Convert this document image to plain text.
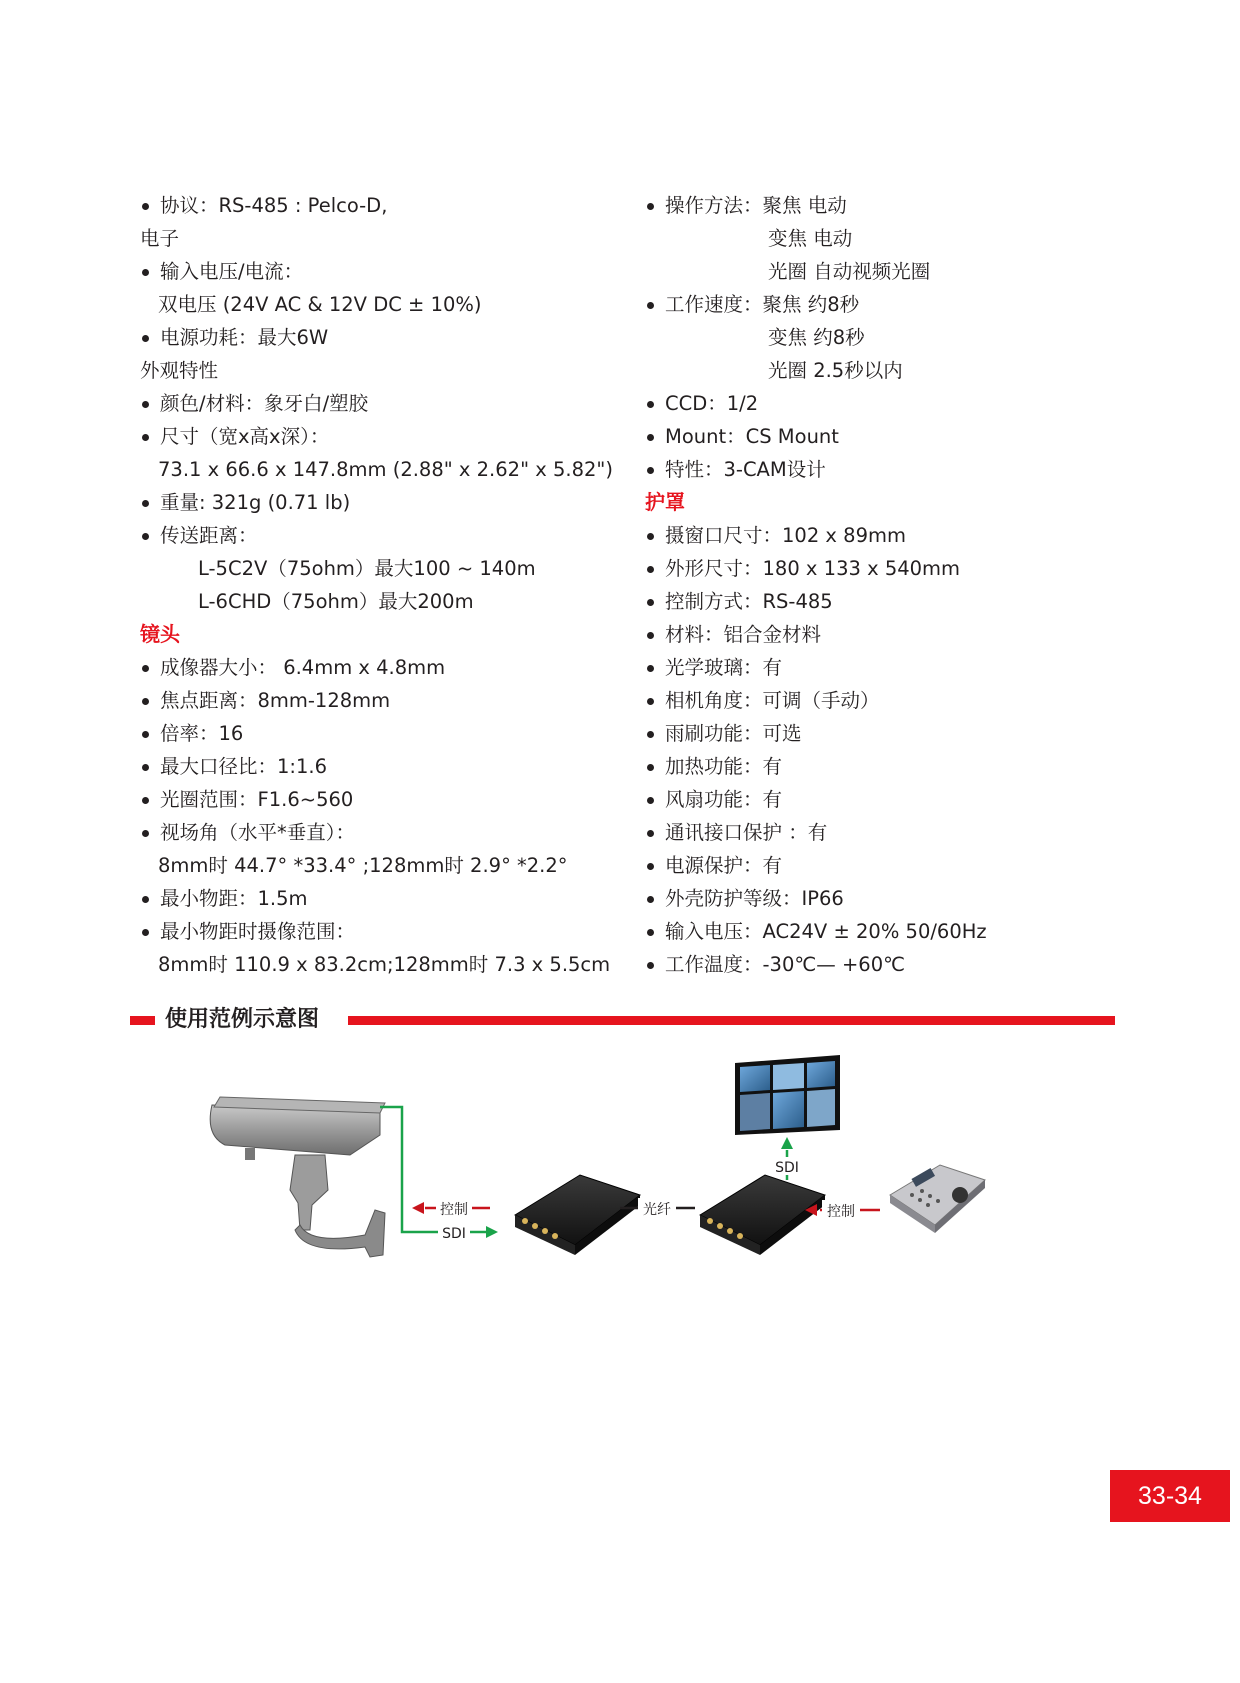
协议：RS-485 : Pelco-D,
电子
输入电压/电流：
双电压 (24V AC & 12V DC ± 10%)
电源功耗：最大6W
外观特性
颜色/材料：象牙白/塑胶
尺寸（宽x高x深）：
73.1 x 66.6 x 147.8mm (2.88" x 2.62" x 5.82")
重量: 321g (0.71 lb)
传送距离：
L-5C2V（75ohm）最大100 ~ 140m
L-6CHD（75ohm）最大200m
镜头
成像器大小： 6.4mm x 4.8mm
焦点距离：8mm-128mm
倍率：16
最大口径比：1:1.6
光圈范围：F1.6~560
视场角（水平*垂直）：
8mm时 44.7° *33.4° ;128mm时 2.9° *2.2°
最小物距：1.5m
最小物距时摄像范围：
8mm时 110.9 x 83.2cm;128mm时 7.3 x 5.5cm
操作方法：聚焦 电动
变焦 电动
光圈 自动视频光圈
工作速度：聚焦 约8秒
变焦 约8秒
光圈 2.5秒以内
CCD：1/2
Mount：CS Mount
特性：3-CAM设计
护罩
摄窗口尺寸：102 x 89mm
外形尺寸：180 x 133 x 540mm
控制方式：RS-485
材料：铝合金材料
光学玻璃：有
相机角度：可调（手动）
雨刷功能：可选
加热功能：有
风扇功能：有
通讯接口保护 ：有
电源保护：有
外壳防护等级：IP66
输入电压：AC24V ± 20% 50/60Hz
工作温度：-30℃— +60℃
使用范例示意图
控制
SDI
光纤
SDI
控制
33-34
